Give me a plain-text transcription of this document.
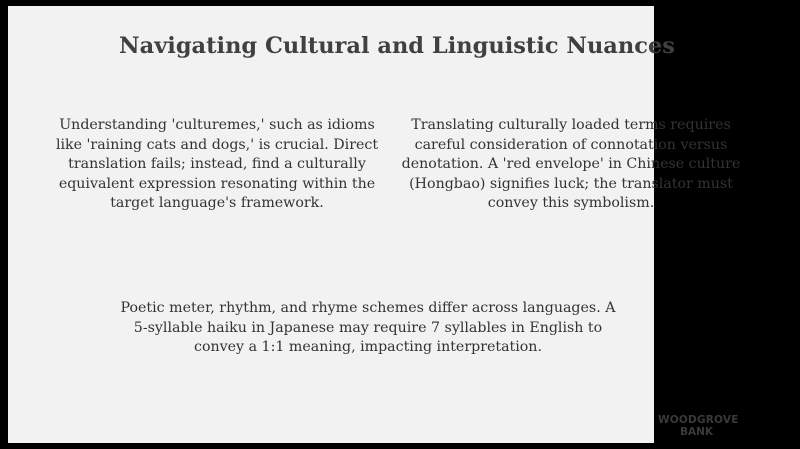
Navigating Cultural and Linguistic Nuances
Understanding 'culturemes,' such as idioms like 'raining cats and dogs,' is crucial. Direct translation fails; instead, find a culturally equivalent expression resonating within the target language's framework.
Translating culturally loaded terms requires careful consideration of connotation versus denotation. A 'red envelope' in Chinese culture (Hongbao) signifies luck; the translator must convey this symbolism.
Poetic meter, rhythm, and rhyme schemes differ across languages. A 5-syllable haiku in Japanese may require 7 syllables in English to convey a 1:1 meaning, impacting interpretation.
WOODGROVE
BANK
